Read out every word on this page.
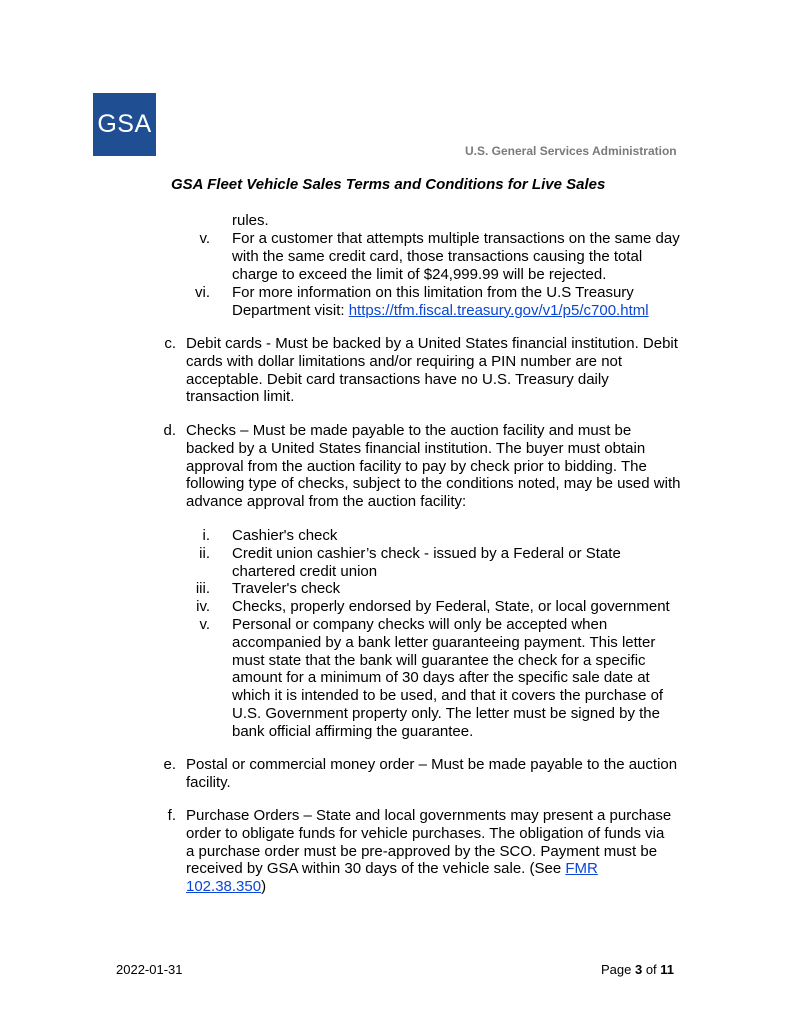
GSA
U.S. General Services Administration
GSA Fleet Vehicle Sales Terms and Conditions for Live Sales
rules.
v. For a customer that attempts multiple transactions on the same day
with the same credit card, those transactions causing the total
charge to exceed the limit of $24,999.99 will be rejected.
vi. For more information on this limitation from the U.S Treasury
Department visit: https://tfm.fiscal.treasury.gov/v1/p5/c700.html
c. Debit cards - Must be backed by a United States financial institution. Debit
cards with dollar limitations and/or requiring a PIN number are not
acceptable. Debit card transactions have no U.S. Treasury daily
transaction limit.
d. Checks – Must be made payable to the auction facility and must be
backed by a United States financial institution. The buyer must obtain
approval from the auction facility to pay by check prior to bidding. The
following type of checks, subject to the conditions noted, may be used with
advance approval from the auction facility:
i. Cashier's check
ii. Credit union cashier’s check - issued by a Federal or State
chartered credit union
iii. Traveler's check
iv. Checks, properly endorsed by Federal, State, or local government
v. Personal or company checks will only be accepted when
accompanied by a bank letter guaranteeing payment. This letter
must state that the bank will guarantee the check for a specific
amount for a minimum of 30 days after the specific sale date at
which it is intended to be used, and that it covers the purchase of
U.S. Government property only. The letter must be signed by the
bank official affirming the guarantee.
e. Postal or commercial money order – Must be made payable to the auction
facility.
f. Purchase Orders – State and local governments may present a purchase
order to obligate funds for vehicle purchases. The obligation of funds via
a purchase order must be pre-approved by the SCO. Payment must be
received by GSA within 30 days of the vehicle sale. (See FMR
102.38.350)
2022-01-31	Page 3 of 11
